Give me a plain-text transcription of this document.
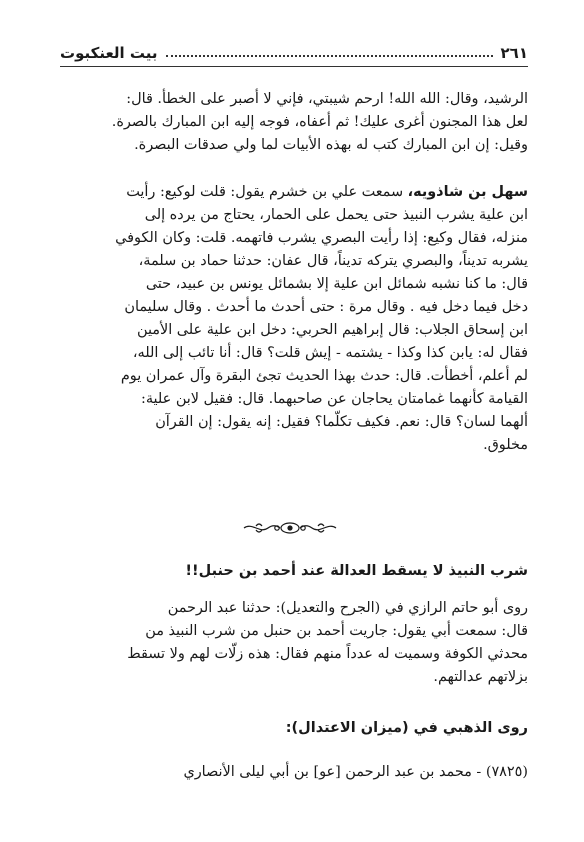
٢٦١
بيت العنكبوت

الرشيد، وقال: الله الله! ارحم شيبتي، فإني لا أصبر على الخطأ. قال:

لعل هذا المجنون أغرى عليك! ثم أعفاه، فوجه إليه ابن المبارك بالصرة.

وقيل: إن ابن المبارك كتب له بهذه الأبيات لما ولي صدقات البصرة.

سهل بن شاذويه، سمعت علي بن خشرم يقول: قلت لوكيع: رأيت

ابن علية يشرب النبيذ حتى يحمل على الحمار، يحتاج من يرده إلى

منزله، فقال وكيع: إذا رأيت البصري يشرب فاتهمه. قلت: وكان الكوفي

يشربه تديناً، والبصري يتركه تديناً، قال عفان: حدثنا حماد بن سلمة،

قال: ما كنا نشبه شمائل ابن علية إلا بشمائل يونس بن عبيد، حتى

دخل فيما دخل فيه . وقال مرة : حتى أحدث ما أحدث . وقال سليمان

ابن إسحاق الجلاب: قال إبراهيم الحربي: دخل ابن علية على الأمين

فقال له: يابن كذا وكذا - يشتمه - إيش قلت؟ قال: أنا تائب إلى الله،

لم أعلم، أخطأت. قال: حدث بهذا الحديث تجئ البقرة وآل عمران يوم

القيامة كأنهما غمامتان يحاجان عن صاحبهما. قال: فقيل لابن علية:

ألهما لسان؟ قال: نعم. فكيف تكلّما؟ فقيل: إنه يقول: إن القرآن

مخلوق.

شرب النبيذ لا يسقط العدالة عند أحمد بن حنبل!!

روى أبو حاتم الرازي في (الجرح والتعديل): حدثنا عبد الرحمن

قال: سمعت أبي يقول: جاريت أحمد بن حنبل من شرب النبيذ من

محدثي الكوفة وسميت له عدداً منهم فقال: هذه زلّات لهم ولا تسقط

بزلاتهم عدالتهم.

روى الذهبي في (ميزان الاعتدال):

(٧٨٢٥) - محمد بن عبد الرحمن [عو] بن أبي ليلى الأنصاري
